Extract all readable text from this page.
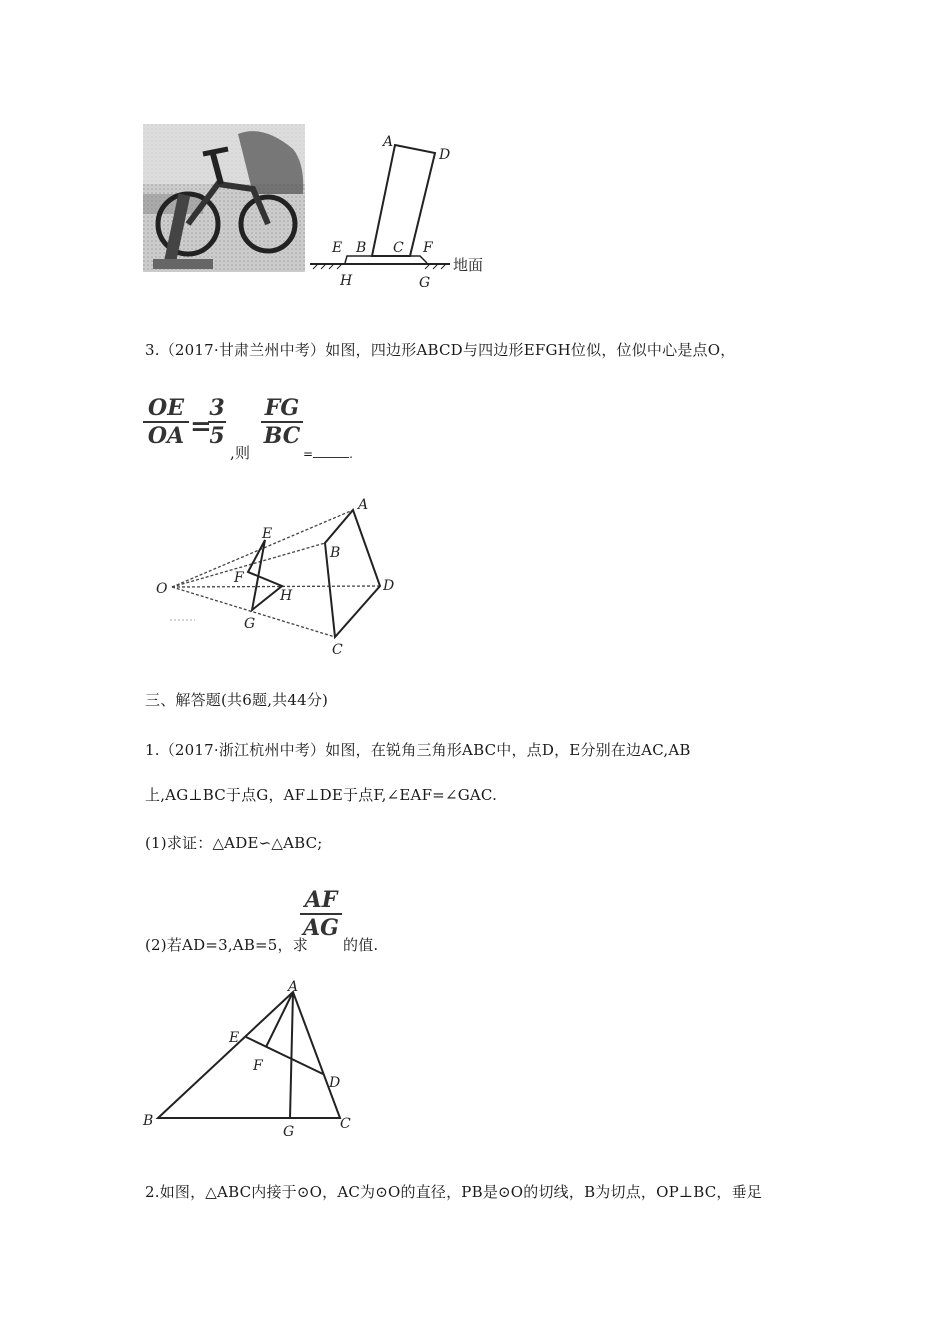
A
D
E B C F
H	G
地面
3.（2017·甘肃兰州中考）如图，四边形ABCD与四边形EFGH位似，位似中心是点O，
OE
OA =
3
5
,则
FG
BC
=	.
O
E
F
H
G
A
B
D
C
三、解答题(共6题,共44分)
1.（2017·浙江杭州中考）如图，在锐角三角形ABC中，点D，E分别在边AC,AB
上,AG⊥BC于点G，AF⊥DE于点F,∠EAF=∠GAC.
(1)求证：△ADE∽△ABC;
(2)若AD=3,AB=5，求
AF
AG
的值.
A
E
F
D
B
G	C
2.如图，△ABC内接于⊙O，AC为⊙O的直径，PB是⊙O的切线，B为切点，OP⊥BC，垂足
